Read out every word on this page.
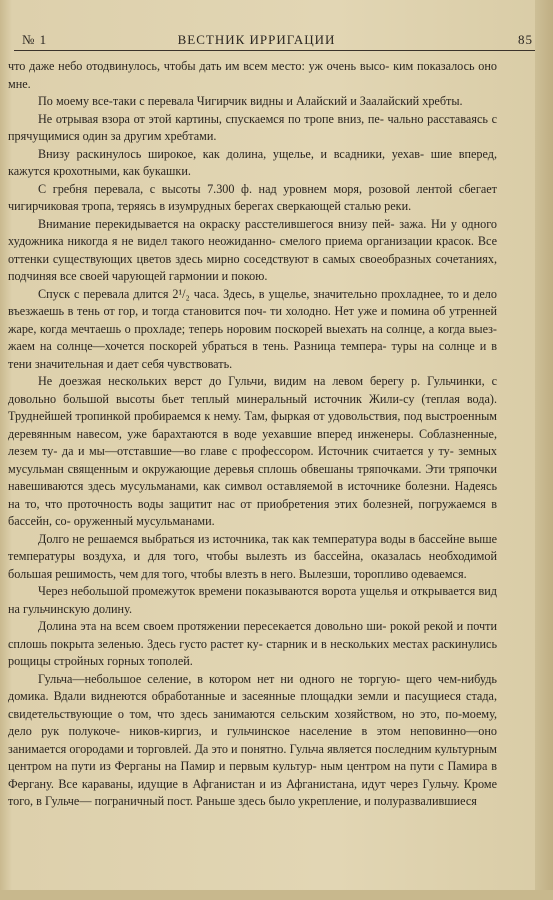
№ 1	ВЕСТНИК ИРРИГАЦИИ	85

что даже небо отодвинулось, чтобы дать им всем место: уж очень высо- ким показалось оно мне.

По моему все-таки с перевала Чигирчик видны и Алайский и Заалайский хребты.

Не отрывая взора от этой картины, спускаемся по тропе вниз, пе- чально расставаясь с прячущимися один за другим хребтами.

Внизу раскинулось широкое, как долина, ущелье, и всадники, уехав- шие вперед, кажутся крохотными, как букашки.

С гребня перевала, с высоты 7.300 ф. над уровнем моря, розовой лентой сбегает чигирчиковая тропа, теряясь в изумрудных берегах сверкающей сталью реки.

Внимание перекидывается на окраску расстелившегося внизу пей- зажа. Ни у одного художника никогда я не видел такого неожиданно- смелого приема организации красок. Все оттенки существующих цветов здесь мирно соседствуют в самых своеобразных сочетаниях, подчиняя все своей чарующей гармонии и покою.

Спуск с перевала длится 2¹/₂ часа. Здесь, в ущелье, значительно прохладнее, то и дело въезжаешь в тень от гор, и тогда становится поч- ти холодно. Нет уже и помина об утренней жаре, когда мечтаешь о прохладе; теперь норовим поскорей выехать на солнце, а когда выез- жаем на солнце—хочется поскорей убраться в тень. Разница темпера- туры на солнце и в тени значительная и дает себя чувствовать.

Не доезжая нескольких верст до Гульчи, видим на левом берегу р. Гульчинки, с довольно большой высоты бьет теплый минеральный источник Жили-су (теплая вода). Труднейшей тропинкой пробираемся к нему. Там, фыркая от удовольствия, под выстроенным деревянным навесом, уже барахтаются в воде уехавшие вперед инженеры. Соблазненные, лезем ту- да и мы—отставшие—во главе с профессором. Источник считается у ту- земных мусульман священным и окружающие деревья сплошь обвешаны тряпочками. Эти тряпочки навешиваются здесь мусульманами, как символ оставляемой в источнике болезни. Надеясь на то, что проточность воды защитит нас от приобретения этих болезней, погружаемся в бассейн, со- оруженный мусульманами.

Долго не решаемся выбраться из источника, так как температура воды в бассейне выше температуры воздуха, и для того, чтобы вылезть из бассейна, оказалась необходимой большая решимость, чем для того, чтобы влезть в него. Вылезши, торопливо одеваемся.

Через небольшой промежуток времени показываются ворота ущелья и открывается вид на гульчинскую долину.

Долина эта на всем своем протяжении пересекается довольно ши- рокой рекой и почти сплошь покрыта зеленью. Здесь густо растет ку- старник и в нескольких местах раскинулись рощицы стройных горных тополей.

Гульча—небольшое селение, в котором нет ни одного не торгую- щего чем-нибудь домика. Вдали виднеются обработанные и засеянные площадки земли и пасущиеся стада, свидетельствующие о том, что здесь занимаются сельским хозяйством, но это, по-моему, дело рук полукоче- ников-киргиз, и гульчинское население в этом неповинно—оно занимается огородами и торговлей. Да это и понятно. Гульча является последним культурным центром на пути из Ферганы на Памир и первым культур- ным центром на пути с Памира в Фергану. Все караваны, идущие в Афганистан и из Афганистана, идут через Гульчу. Кроме того, в Гульче— пограничный пост. Раньше здесь было укрепление, и полуразвалившиеся
